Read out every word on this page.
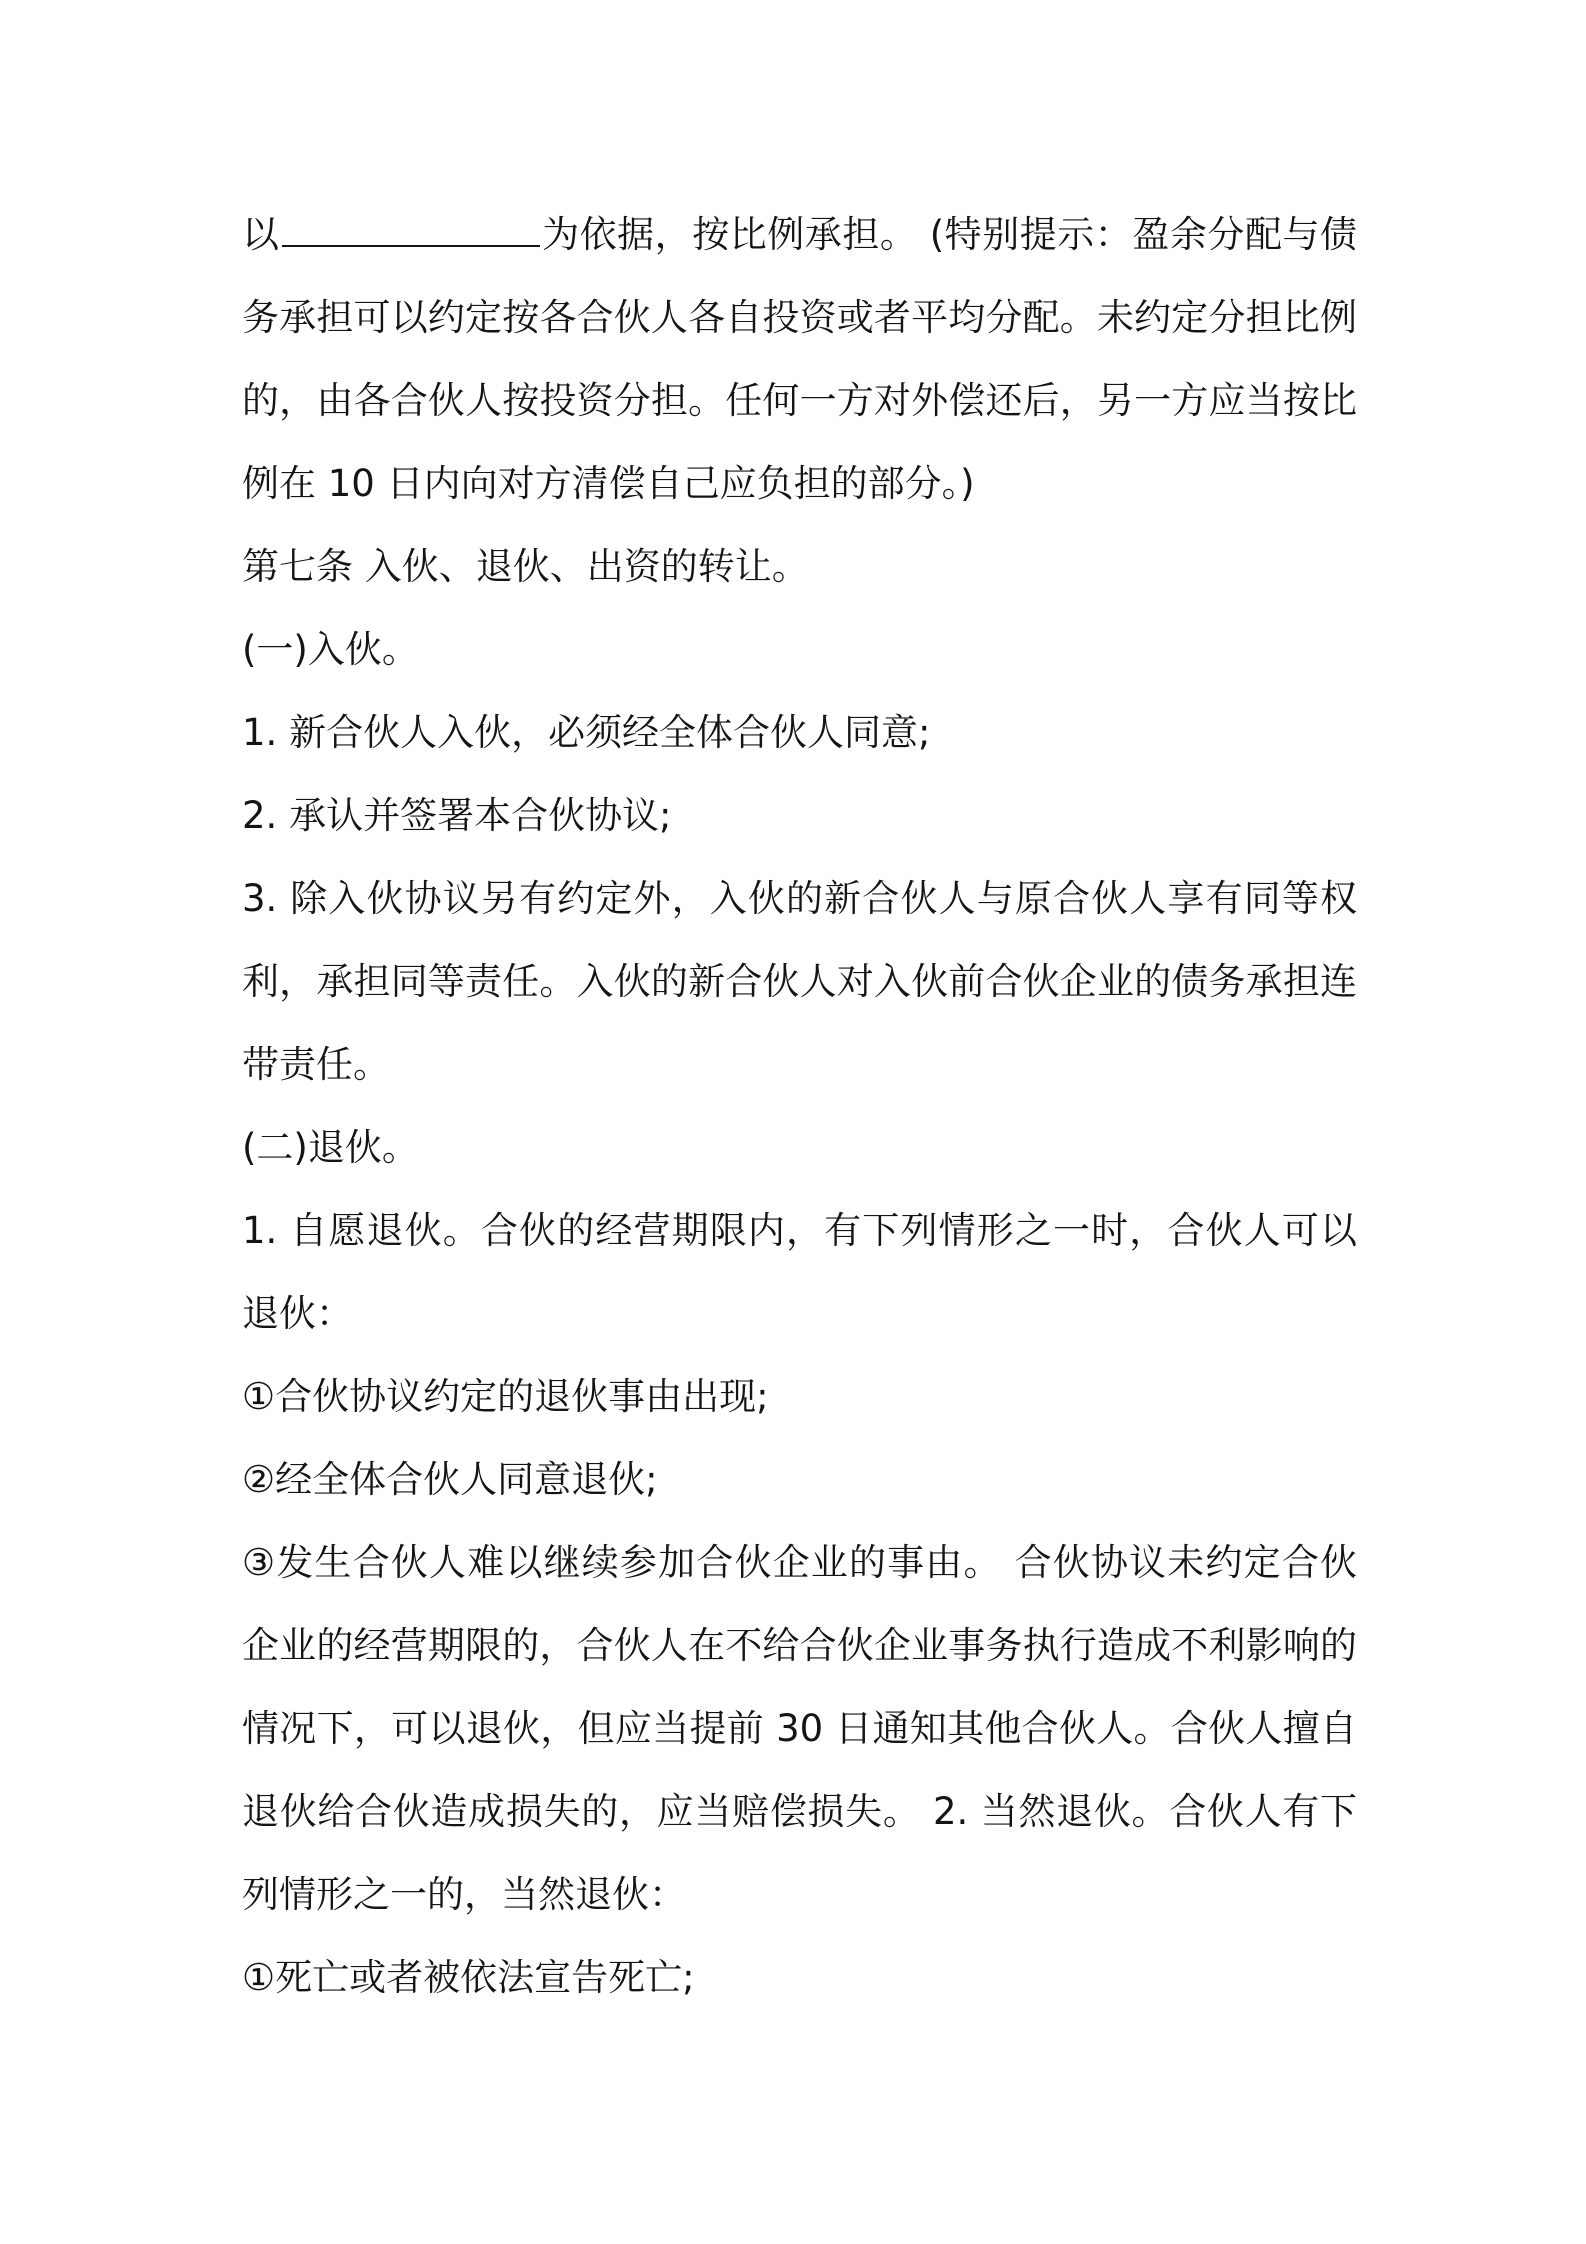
以	为依据，按比例承担。 (特别提示：盈余分配与债务承担可以约定按各合伙人各自投资或者平均分配。未约定分担比例的，由各合伙人按投资分担。任何一方对外偿还后，另一方应当按比例在 10 日内向对方清偿自己应负担的部分。)

第七条 入伙、退伙、出资的转让。

(一)入伙。

1. 新合伙人入伙，必须经全体合伙人同意;

2. 承认并签署本合伙协议;

3. 除入伙协议另有约定外，入伙的新合伙人与原合伙人享有同等权利，承担同等责任。入伙的新合伙人对入伙前合伙企业的债务承担连带责任。

(二)退伙。

1. 自愿退伙。合伙的经营期限内，有下列情形之一时，合伙人可以退伙：

①合伙协议约定的退伙事由出现;

②经全体合伙人同意退伙;

③发生合伙人难以继续参加合伙企业的事由。 合伙协议未约定合伙企业的经营期限的，合伙人在不给合伙企业事务执行造成不利影响的情况下，可以退伙，但应当提前 30 日通知其他合伙人。合伙人擅自退伙给合伙造成损失的，应当赔偿损失。 2. 当然退伙。合伙人有下列情形之一的，当然退伙：

①死亡或者被依法宣告死亡;
